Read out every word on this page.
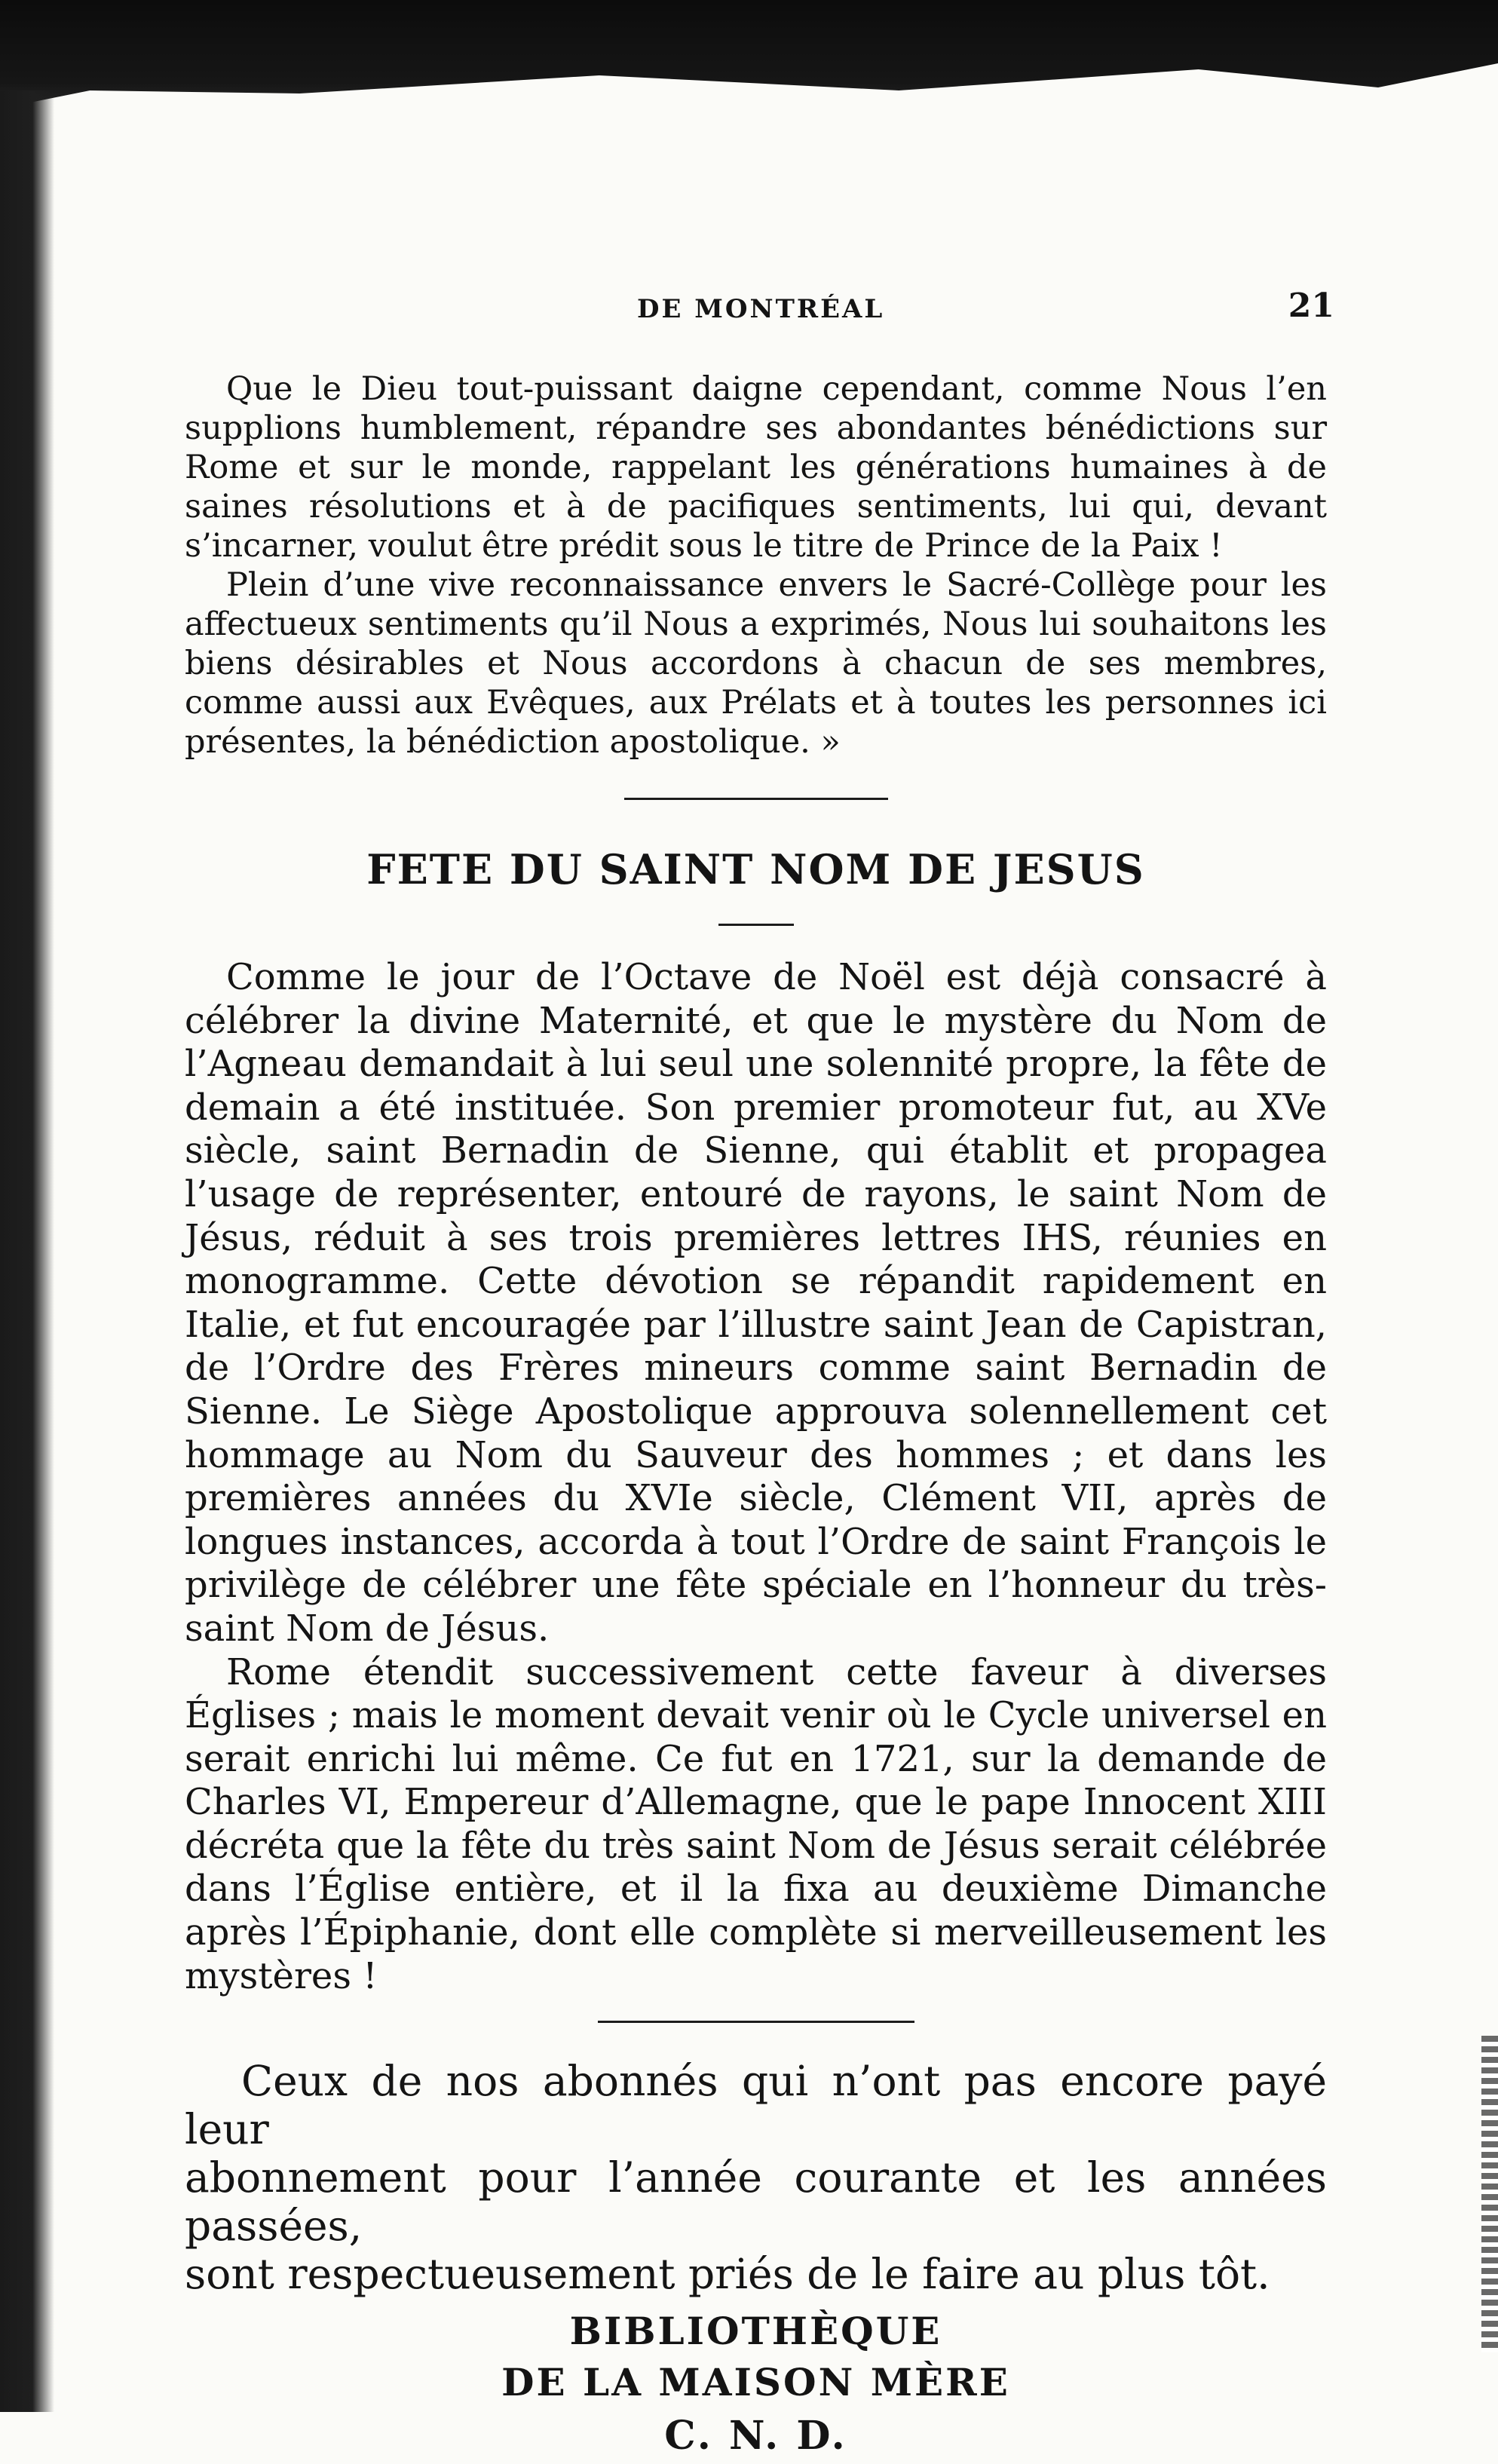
DE MONTRÉAL	21

Que le Dieu tout-puissant daigne cependant, comme Nous l’en supplions humblement, répandre ses abondantes bénédictions sur Rome et sur le monde, rappelant les générations humaines à de saines résolutions et à de pacifiques sentiments, lui qui, devant s’incarner, voulut être prédit sous le titre de Prince de la Paix !

Plein d’une vive reconnaissance envers le Sacré-Collège pour les affectueux sentiments qu’il Nous a exprimés, Nous lui souhaitons les biens désirables et Nous accordons à chacun de ses membres, comme aussi aux Evêques, aux Prélats et à toutes les personnes ici présentes, la bénédiction apostolique. »

FETE DU SAINT NOM DE JESUS

Comme le jour de l’Octave de Noël est déjà consacré à célébrer la divine Maternité, et que le mystère du Nom de l’Agneau demandait à lui seul une solennité propre, la fête de demain a été instituée. Son premier promoteur fut, au XVe siècle, saint Bernadin de Sienne, qui établit et propagea l’usage de représenter, entouré de rayons, le saint Nom de Jésus, réduit à ses trois premières lettres IHS, réunies en monogramme. Cette dévotion se répandit rapidement en Italie, et fut encouragée par l’illustre saint Jean de Capistran, de l’Ordre des Frères mineurs comme saint Bernadin de Sienne. Le Siège Apostolique approuva solennellement cet hommage au Nom du Sauveur des hommes ; et dans les premières années du XVIe siècle, Clément VII, après de longues instances, accorda à tout l’Ordre de saint François le privilège de célébrer une fête spéciale en l’honneur du très-saint Nom de Jésus.

Rome étendit successivement cette faveur à diverses Églises ; mais le moment devait venir où le Cycle universel en serait enrichi lui même. Ce fut en 1721, sur la demande de Charles VI, Empereur d’Allemagne, que le pape Innocent XIII décréta que la fête du très saint Nom de Jésus serait célébrée dans l’Église entière, et il la fixa au deuxième Dimanche après l’Épiphanie, dont elle complète si merveilleusement les mystères !

Ceux de nos abonnés qui n’ont pas encore payé leur

abonnement pour l’année courante et les années passées,

sont respectueusement priés de le faire au plus tôt.

BIBLIOTHÈQUE
DE LA MAISON MÈRE
C. N. D.
